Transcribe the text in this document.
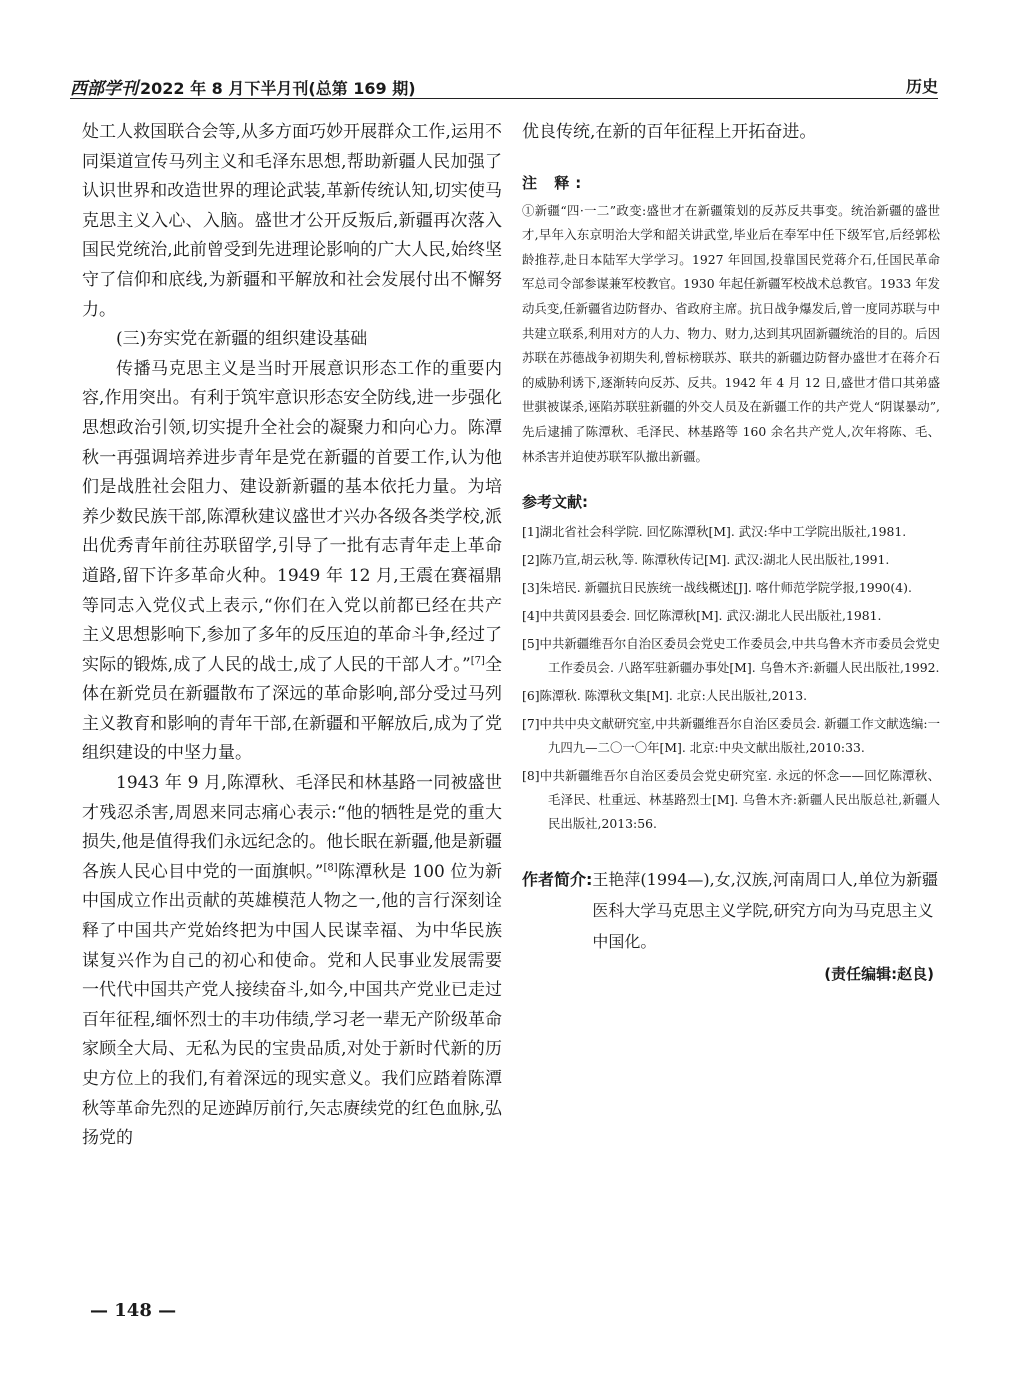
西部学刊 2022 年 8 月下半月刊(总第 169 期)	历史

处工人救国联合会等,从多方面巧妙开展群众工作,运用不同渠道宣传马列主义和毛泽东思想,帮助新疆人民加强了认识世界和改造世界的理论武装,革新传统认知,切实使马克思主义入心、入脑。盛世才公开反叛后,新疆再次落入国民党统治,此前曾受到先进理论影响的广大人民,始终坚守了信仰和底线,为新疆和平解放和社会发展付出不懈努力。

(三)夯实党在新疆的组织建设基础

传播马克思主义是当时开展意识形态工作的重要内容,作用突出。有利于筑牢意识形态安全防线,进一步强化思想政治引领,切实提升全社会的凝聚力和向心力。陈潭秋一再强调培养进步青年是党在新疆的首要工作,认为他们是战胜社会阻力、建设新新疆的基本依托力量。为培养少数民族干部,陈潭秋建议盛世才兴办各级各类学校,派出优秀青年前往苏联留学,引导了一批有志青年走上革命道路,留下许多革命火种。1949 年 12 月,王震在赛福鼎等同志入党仪式上表示,“你们在入党以前都已经在共产主义思想影响下,参加了多年的反压迫的革命斗争,经过了实际的锻炼,成了人民的战士,成了人民的干部人才。”[7]全体在新党员在新疆散布了深远的革命影响,部分受过马列主义教育和影响的青年干部,在新疆和平解放后,成为了党组织建设的中坚力量。

1943 年 9 月,陈潭秋、毛泽民和林基路一同被盛世才残忍杀害,周恩来同志痛心表示:“他的牺牲是党的重大损失,他是值得我们永远纪念的。他长眠在新疆,他是新疆各族人民心目中党的一面旗帜。”[8]陈潭秋是 100 位为新中国成立作出贡献的英雄模范人物之一,他的言行深刻诠释了中国共产党始终把为中国人民谋幸福、为中华民族谋复兴作为自己的初心和使命。党和人民事业发展需要一代代中国共产党人接续奋斗,如今,中国共产党业已走过百年征程,缅怀烈士的丰功伟绩,学习老一辈无产阶级革命家顾全大局、无私为民的宝贵品质,对处于新时代新的历史方位上的我们,有着深远的现实意义。我们应踏着陈潭秋等革命先烈的足迹踔厉前行,矢志赓续党的红色血脉,弘扬党的

优良传统,在新的百年征程上开拓奋进。

注 释:

①新疆“四·一二”政变:盛世才在新疆策划的反苏反共事变。统治新疆的盛世才,早年入东京明治大学和韶关讲武堂,毕业后在奉军中任下级军官,后经郭松龄推荐,赴日本陆军大学学习。1927 年回国,投靠国民党蒋介石,任国民革命军总司令部参谋兼军校教官。1930 年起任新疆军校战术总教官。1933 年发动兵变,任新疆省边防督办、省政府主席。抗日战争爆发后,曾一度同苏联与中共建立联系,利用对方的人力、物力、财力,达到其巩固新疆统治的目的。后因苏联在苏德战争初期失利,曾标榜联苏、联共的新疆边防督办盛世才在蒋介石的威胁利诱下,逐渐转向反苏、反共。1942 年 4 月 12 日,盛世才借口其弟盛世骐被谋杀,诬陷苏联驻新疆的外交人员及在新疆工作的共产党人“阴谋暴动”,先后逮捕了陈潭秋、毛泽民、林基路等 160 余名共产党人,次年将陈、毛、林杀害并迫使苏联军队撤出新疆。

参考文献:

[1]湖北省社会科学院. 回忆陈潭秋[M]. 武汉:华中工学院出版社,1981.

[2]陈乃宣,胡云秋,等. 陈潭秋传记[M]. 武汉:湖北人民出版社,1991.

[3]朱培民. 新疆抗日民族统一战线概述[J]. 喀什师范学院学报,1990(4).

[4]中共黄冈县委会. 回忆陈潭秋[M]. 武汉:湖北人民出版社,1981.

[5]中共新疆维吾尔自治区委员会党史工作委员会,中共乌鲁木齐市委员会党史工作委员会. 八路军驻新疆办事处[M]. 乌鲁木齐:新疆人民出版社,1992.

[6]陈潭秋. 陈潭秋文集[M]. 北京:人民出版社,2013.

[7]中共中央文献研究室,中共新疆维吾尔自治区委员会. 新疆工作文献选编:一九四九—二〇一〇年[M]. 北京:中央文献出版社,2010:33.

[8]中共新疆维吾尔自治区委员会党史研究室. 永远的怀念——回忆陈潭秋、毛泽民、杜重远、林基路烈士[M]. 乌鲁木齐:新疆人民出版总社,新疆人民出版社,2013:56.

作者简介: 王艳萍(1994—),女,汉族,河南周口人,单位为新疆医科大学马克思主义学院,研究方向为马克思主义中国化。
(责任编辑:赵良)
— 148 —
